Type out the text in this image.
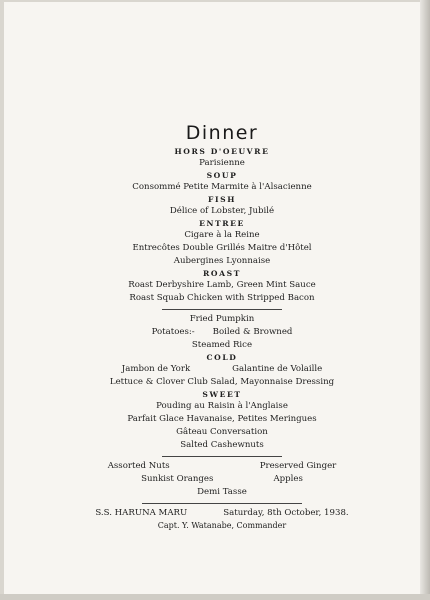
Dinner
HORS D'OEUVRE
Parisienne
SOUP
Consommé Petite Marmite à l'Alsacienne
FISH
Délice of Lobster, Jubilé
ENTREE
Cigare à la Reine
Entrecôtes Double Grillés Maitre d'Hôtel
Aubergines Lyonnaise
ROAST
Roast Derbyshire Lamb, Green Mint Sauce
Roast Squab Chicken with Stripped Bacon
Fried Pumpkin
Potatoes:- Boiled & Browned
Steamed Rice
COLD
Jambon de York	Galantine de Volaille
Lettuce & Clover Club Salad, Mayonnaise Dressing
SWEET
Pouding au Raisin à l'Anglaise
Parfait Glace Havanaise, Petites Meringues
Gâteau Conversation
Salted Cashewnuts
Assorted Nuts	Preserved Ginger
Sunkist Oranges	Apples
Demi Tasse
S.S. HARUNA MARU	Saturday, 8th October, 1938.
Capt. Y. Watanabe, Commander
